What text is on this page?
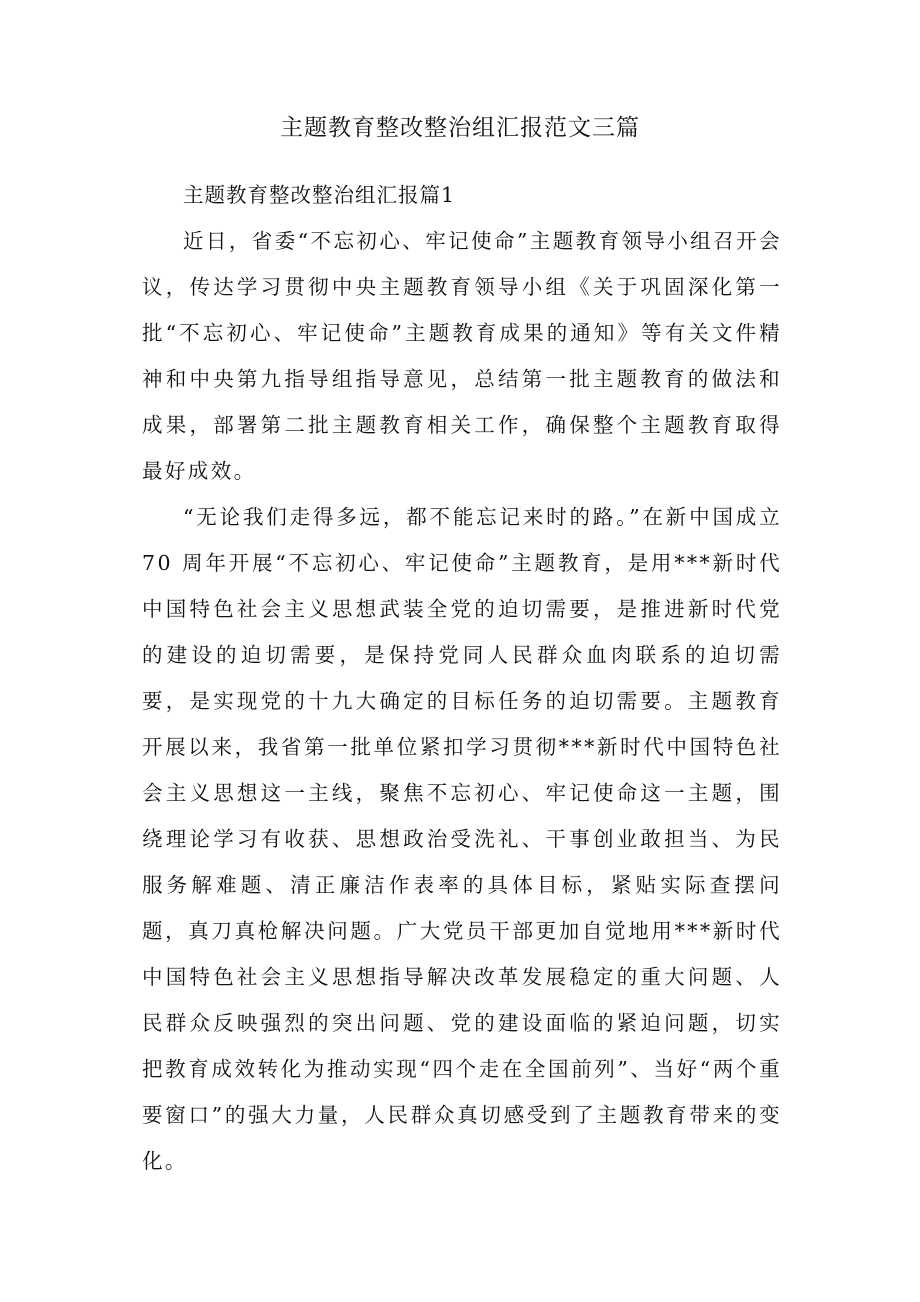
主题教育整改整治组汇报范文三篇

主题教育整改整治组汇报篇1

近日，省委“不忘初心、牢记使命”主题教育领导小组召开会议，传达学习贯彻中央主题教育领导小组《关于巩固深化第一批“不忘初心、牢记使命”主题教育成果的通知》等有关文件精神和中央第九指导组指导意见，总结第一批主题教育的做法和成果，部署第二批主题教育相关工作，确保整个主题教育取得最好成效。

“无论我们走得多远，都不能忘记来时的路。”在新中国成立 70 周年开展“不忘初心、牢记使命”主题教育，是用***新时代中国特色社会主义思想武装全党的迫切需要，是推进新时代党的建设的迫切需要，是保持党同人民群众血肉联系的迫切需要，是实现党的十九大确定的目标任务的迫切需要。主题教育开展以来，我省第一批单位紧扣学习贯彻***新时代中国特色社会主义思想这一主线，聚焦不忘初心、牢记使命这一主题，围绕理论学习有收获、思想政治受洗礼、干事创业敢担当、为民服务解难题、清正廉洁作表率的具体目标，紧贴实际查摆问题，真刀真枪解决问题。广大党员干部更加自觉地用***新时代中国特色社会主义思想指导解决改革发展稳定的重大问题、人民群众反映强烈的突出问题、党的建设面临的紧迫问题，切实把教育成效转化为推动实现“四个走在全国前列”、当好“两个重要窗口”的强大力量，人民群众真切感受到了主题教育带来的变化。
